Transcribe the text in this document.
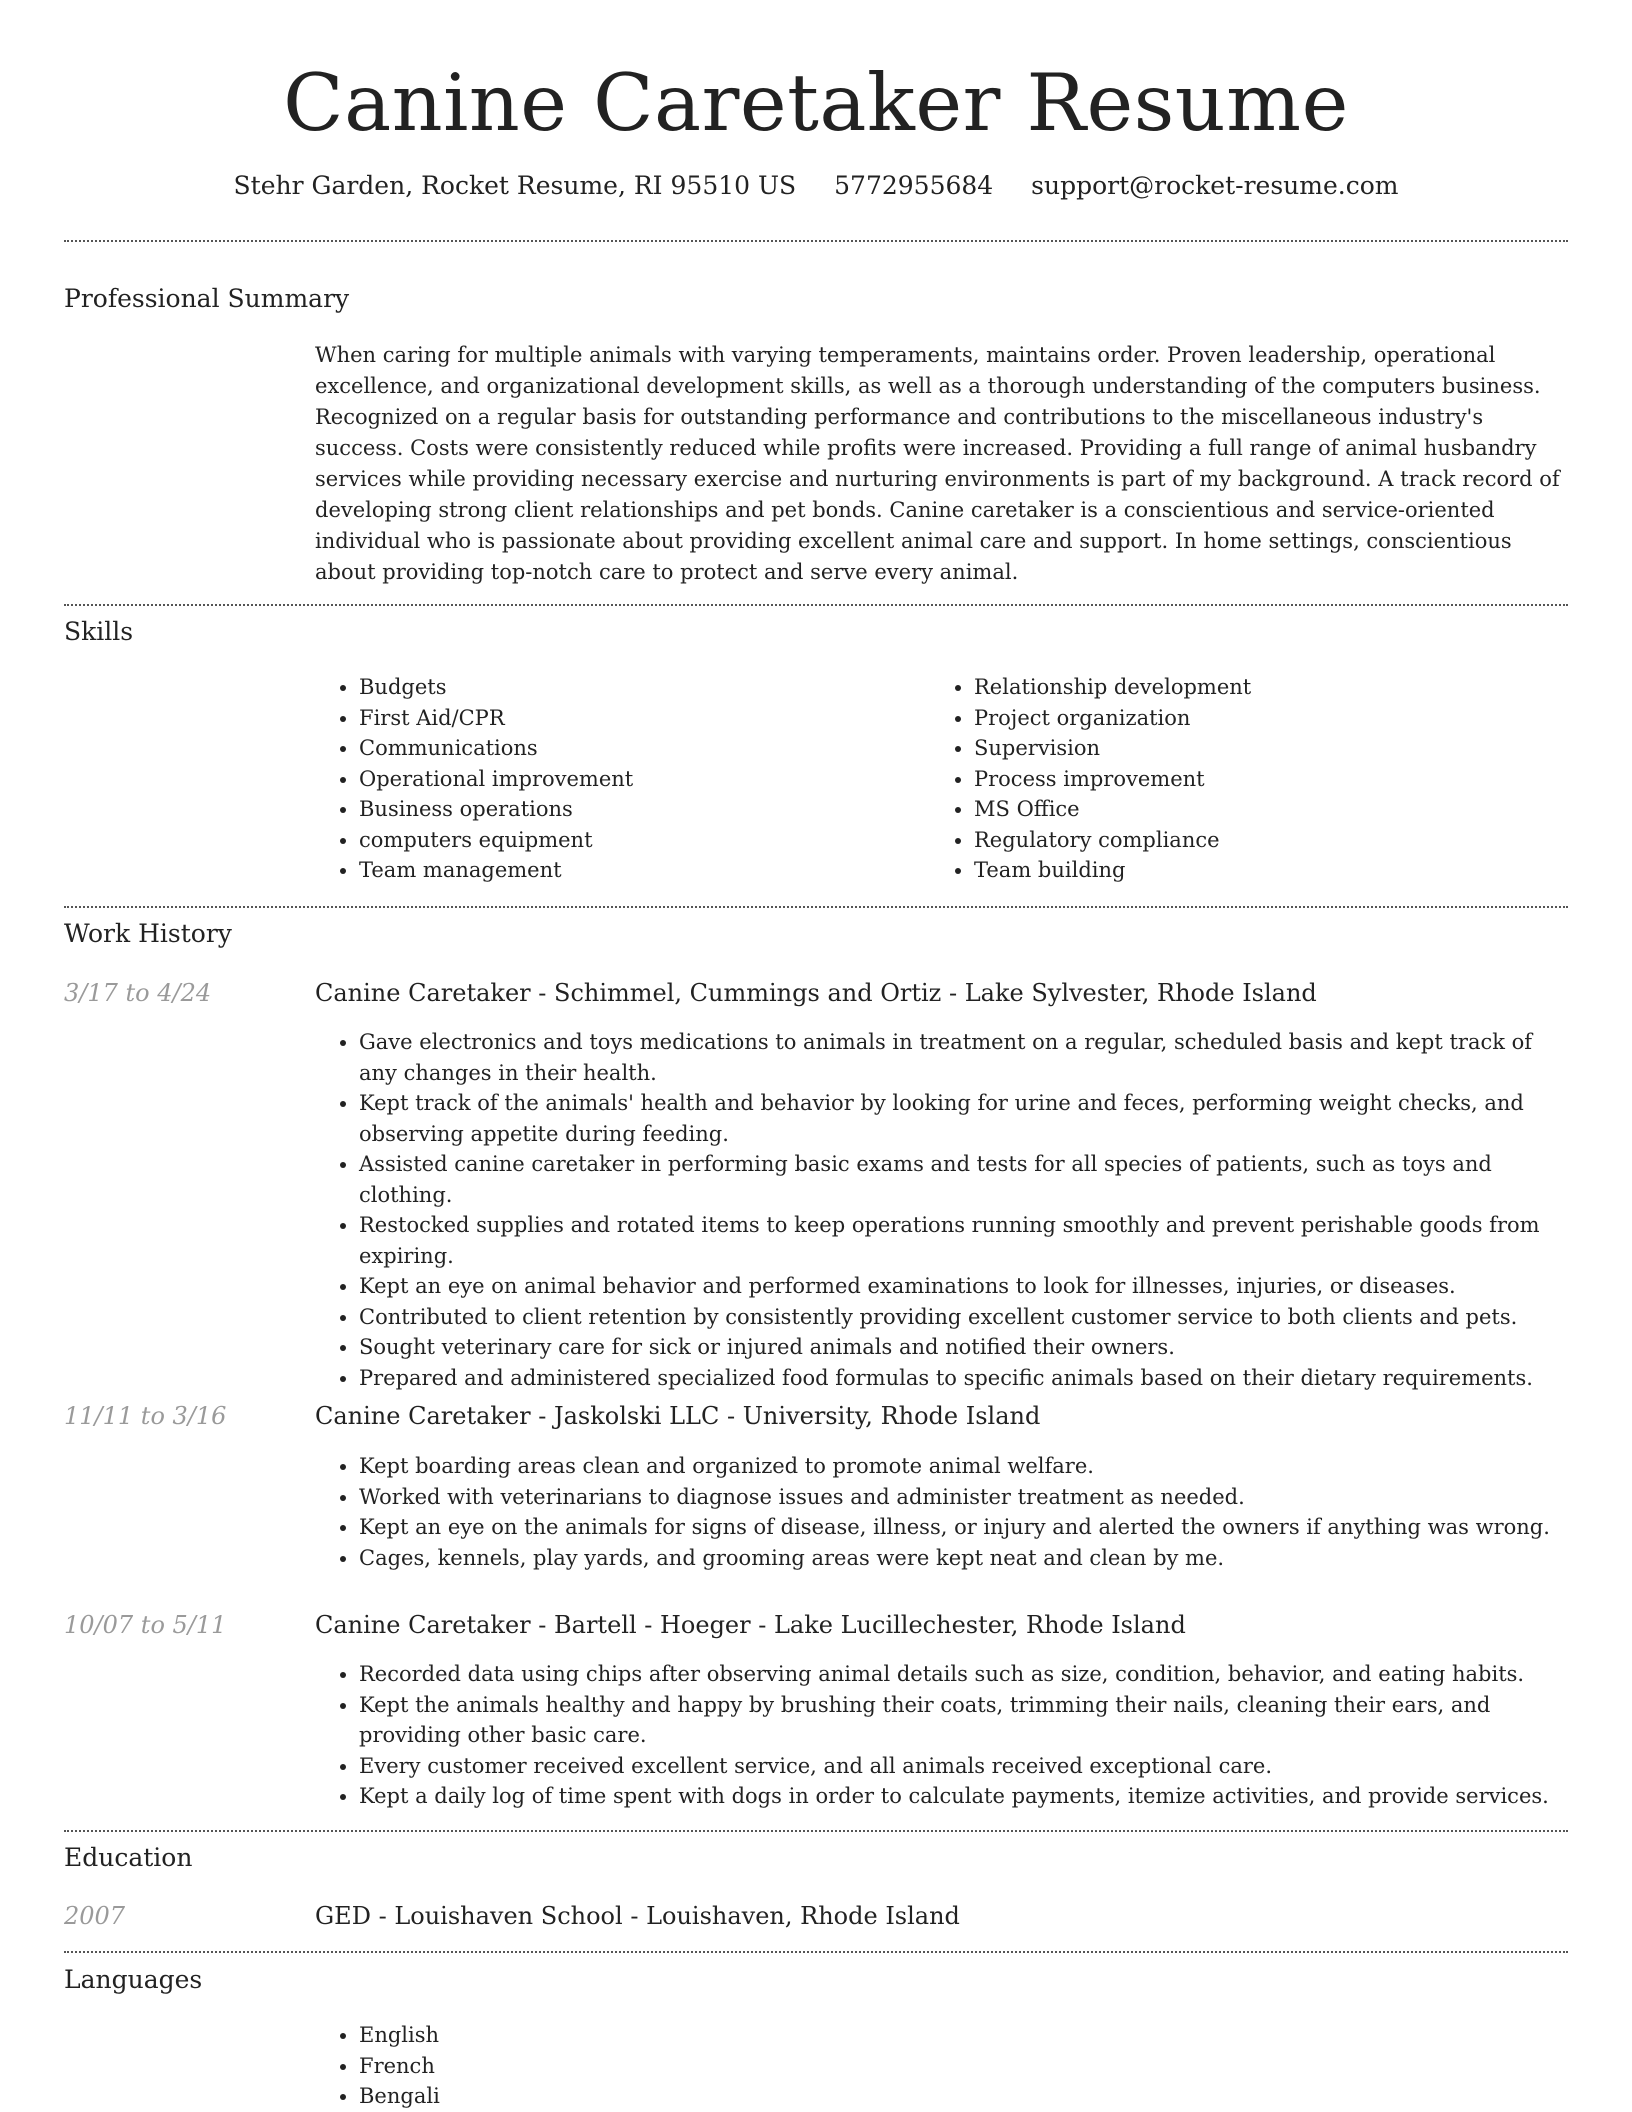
Canine Caretaker Resume
Stehr Garden, Rocket Resume, RI 95510 US 5772955684 support@rocket-resume.com
Professional Summary

When caring for multiple animals with varying temperaments, maintains order. Proven leadership, operational excellence, and organizational development skills, as well as a thorough understanding of the computers business. Recognized on a regular basis for outstanding performance and contributions to the miscellaneous industry's success. Costs were consistently reduced while profits were increased. Providing a full range of animal husbandry services while providing necessary exercise and nurturing environments is part of my background. A track record of developing strong client relationships and pet bonds. Canine caretaker is a conscientious and service-oriented individual who is passionate about providing excellent animal care and support. In home settings, conscientious about providing top-notch care to protect and serve every animal.

Skills
• Budgets
• First Aid/CPR
• Communications
• Operational improvement
• Business operations
• computers equipment
• Team management
• Relationship development
• Project organization
• Supervision
• Process improvement
• MS Office
• Regulatory compliance
• Team building
Work History
3/17 to 4/24	Canine Caretaker - Schimmel, Cummings and Ortiz - Lake Sylvester, Rhode Island
• Gave electronics and toys medications to animals in treatment on a regular, scheduled basis and kept track of any changes in their health.
• Kept track of the animals' health and behavior by looking for urine and feces, performing weight checks, and observing appetite during feeding.
• Assisted canine caretaker in performing basic exams and tests for all species of patients, such as toys and clothing.
• Restocked supplies and rotated items to keep operations running smoothly and prevent perishable goods from expiring.
• Kept an eye on animal behavior and performed examinations to look for illnesses, injuries, or diseases.
• Contributed to client retention by consistently providing excellent customer service to both clients and pets.
• Sought veterinary care for sick or injured animals and notified their owners.
• Prepared and administered specialized food formulas to specific animals based on their dietary requirements.
11/11 to 3/16	Canine Caretaker - Jaskolski LLC - University, Rhode Island
• Kept boarding areas clean and organized to promote animal welfare.
• Worked with veterinarians to diagnose issues and administer treatment as needed.
• Kept an eye on the animals for signs of disease, illness, or injury and alerted the owners if anything was wrong.
• Cages, kennels, play yards, and grooming areas were kept neat and clean by me.
10/07 to 5/11	Canine Caretaker - Bartell - Hoeger - Lake Lucillechester, Rhode Island
• Recorded data using chips after observing animal details such as size, condition, behavior, and eating habits.
• Kept the animals healthy and happy by brushing their coats, trimming their nails, cleaning their ears, and providing other basic care.
• Every customer received excellent service, and all animals received exceptional care.
• Kept a daily log of time spent with dogs in order to calculate payments, itemize activities, and provide services.
Education
2007	GED - Louishaven School - Louishaven, Rhode Island
Languages
• English
• French
• Bengali
